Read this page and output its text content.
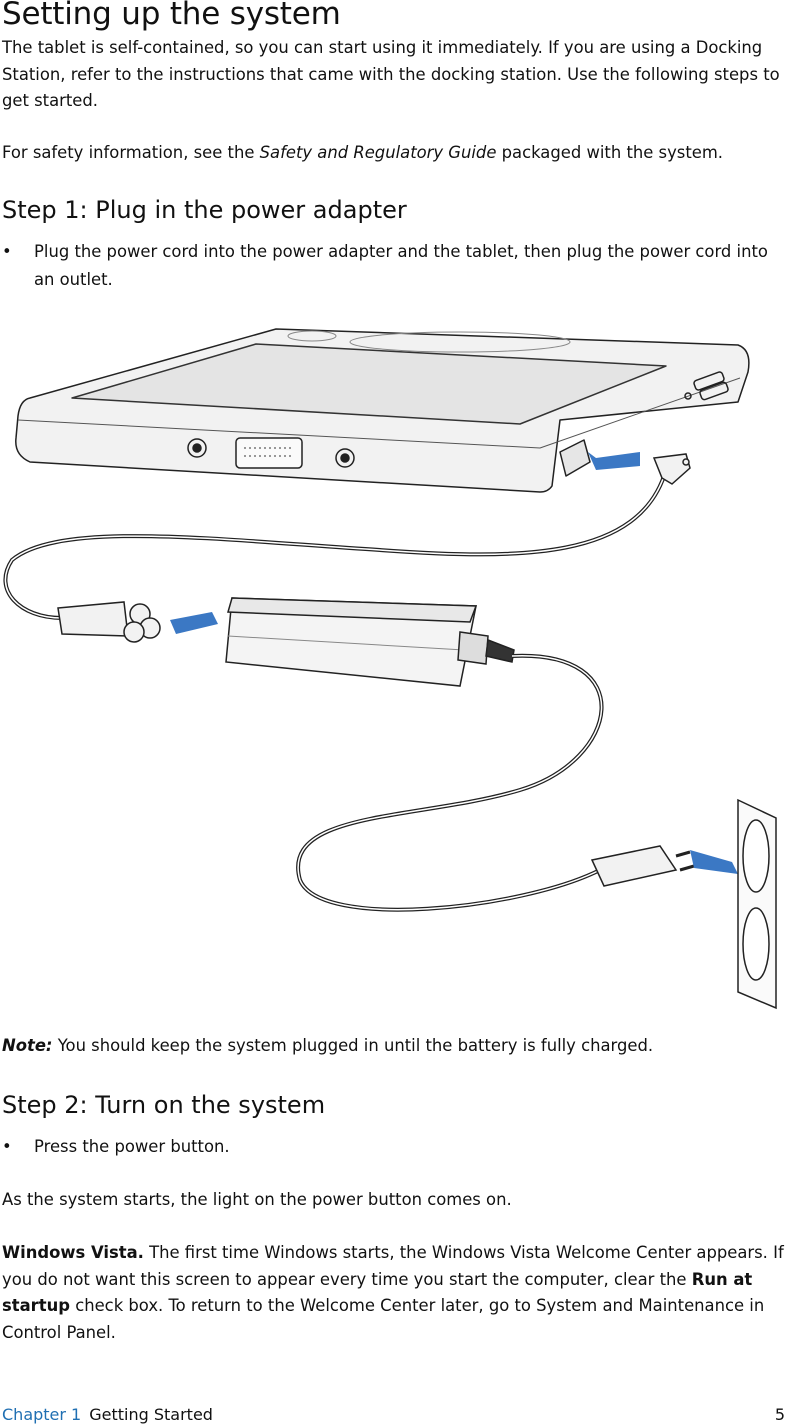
Setting up the system
The tablet is self-contained, so you can start using it immediately. If you are using a Docking Station, refer to the instructions that came with the docking station. Use the following steps to get started.
For safety information, see the Safety and Regulatory Guide packaged with the system.
Step 1: Plug in the power adapter
• Plug the power cord into the power adapter and the tablet, then plug the power cord into an outlet.
Note: You should keep the system plugged in until the battery is fully charged.
Step 2: Turn on the system
• Press the power button.
As the system starts, the light on the power button comes on.
Windows Vista. The first time Windows starts, the Windows Vista Welcome Center appears. If you do not want this screen to appear every time you start the computer, clear the Run at startup check box. To return to the Welcome Center later, go to System and Maintenance in Control Panel.
Chapter 1 Getting Started	5
